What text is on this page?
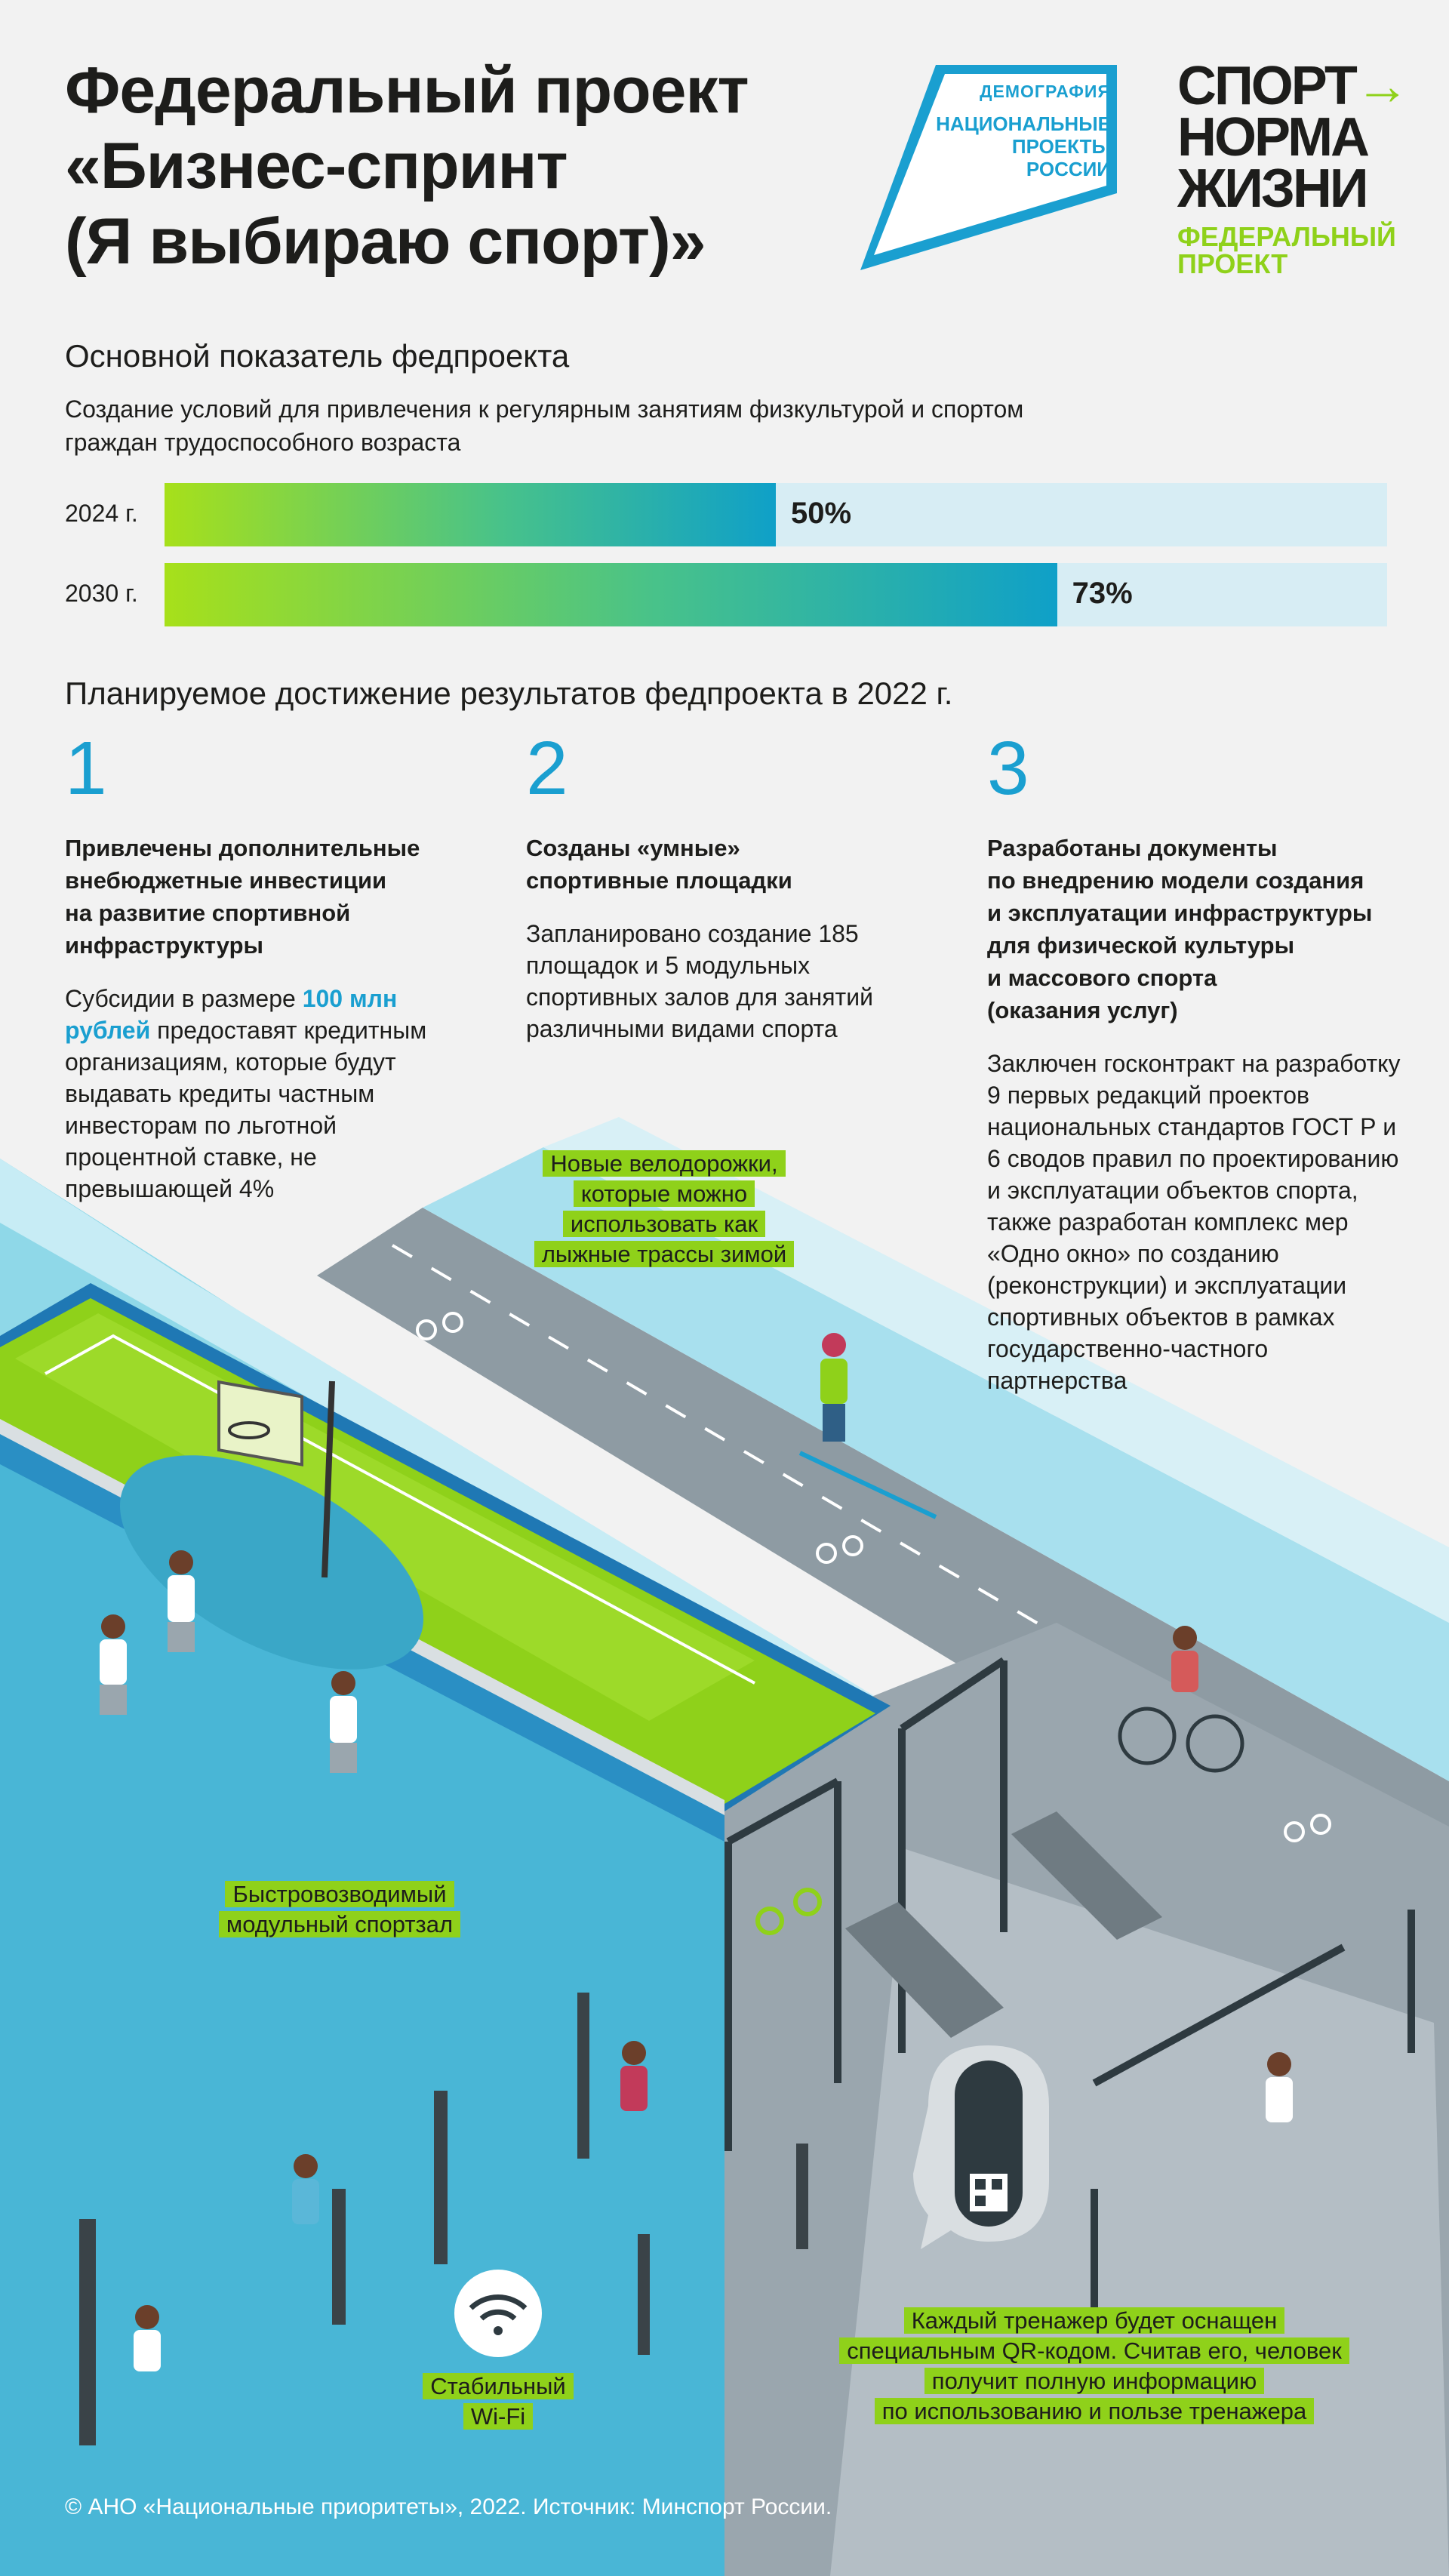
Федеральный проект
«Бизнес-спринт
(Я выбираю спорт)»
ДЕМОГРАФИЯ
НАЦИОНАЛЬНЫЕ
ПРОЕКТЫ
РОССИИ
СПОРТ→
НОРМА
ЖИЗНИ
ФЕДЕРАЛЬНЫЙ
ПРОЕКТ
Основной показатель федпроекта
Создание условий для привлечения к регулярным занятиям физкультурой и спортом
граждан трудоспособного возраста
2024 г.	50%
2030 г.	73%
Планируемое достижение результатов федпроекта в 2022 г.
1
Привлечены дополнительные
внебюджетные инвестиции
на развитие спортивной
инфраструктуры
Субсидии в размере 100 млн рублей предоставят кредитным организациям, которые будут выдавать кредиты частным инвесторам по льготной процентной ставке, не превышающей 4%
2
Созданы «умные»
спортивные площадки
Запланировано создание 185 площадок и 5 модульных спортивных залов для занятий различными видами спорта
3
Разработаны документы
по внедрению модели создания
и эксплуатации инфраструктуры
для физической культуры
и массового спорта
(оказания услуг)
Заключен госконтракт на разработку 9 первых редакций проектов национальных стандартов ГОСТ Р и 6 сводов правил по проектированию и эксплуатации объектов спорта, также разработан комплекс мер «Одно окно» по созданию (реконструкции) и эксплуатации спортивных объектов в рамках государственно-частного партнерства
Новые велодорожки,
которые можно
использовать как
лыжные трассы зимой
Быстровозводимый
модульный спортзал
Стабильный
Wi-Fi
Каждый тренажер будет оснащен
специальным QR-кодом. Считав его, человек
получит полную информацию
по использованию и пользе тренажера
© АНО «Национальные приоритеты», 2022. Источник: Минспорт России.
